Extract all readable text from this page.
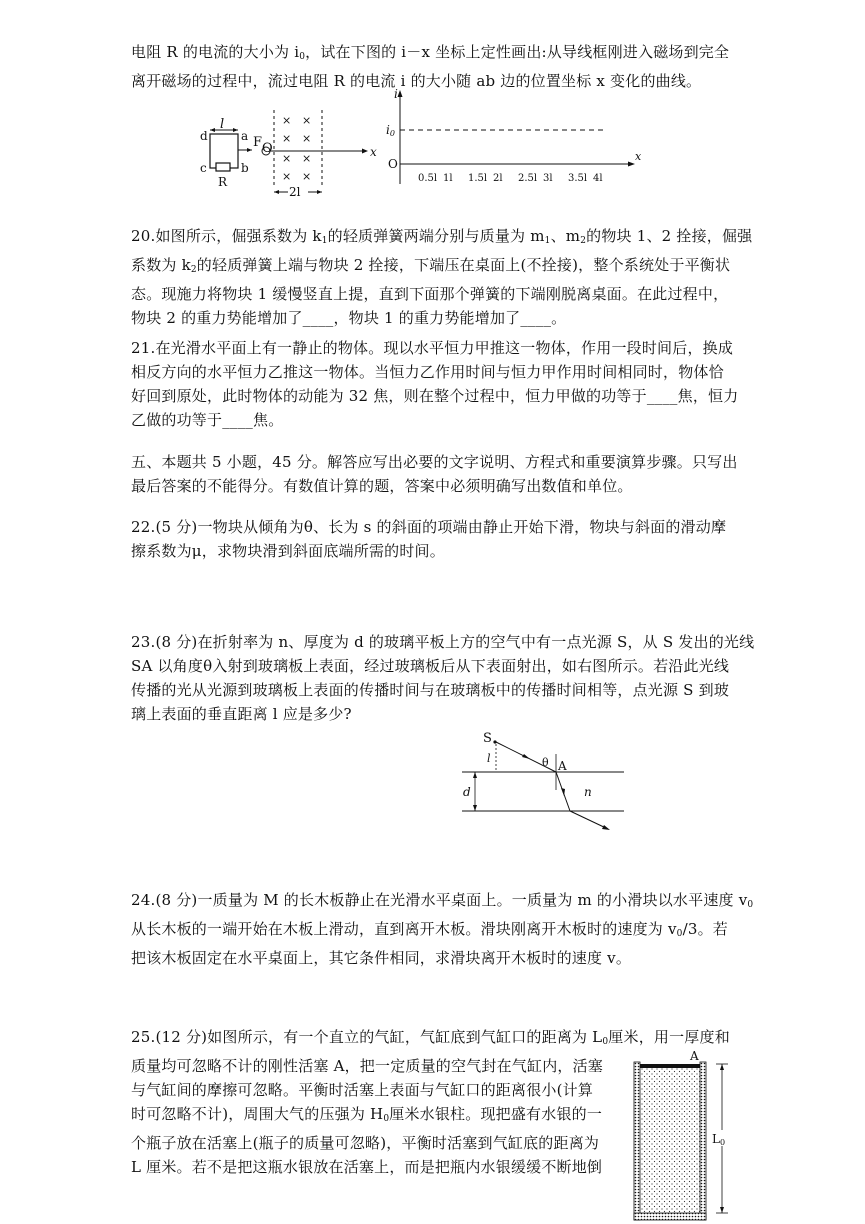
电阻 R 的电流的大小为 $i_0$，试在下图的 i－x 坐标上定性画出:从导线框刚进入磁场到完全
离开磁场的过程中，流过电阻 R 的电流 i 的大小随 ab 边的位置坐标 x 变化的曲线。

l
d	a
c	b
R
F
x
× ×
× ×
× ×
× ×
2l
O
i
i0
O
x
0.5l 1l 1.5l 2l 2.5l 3l 3.5l 4l

20.如图所示，倔强系数为 $k_1$的轻质弹簧两端分别与质量为 $m_1$、$m_2$的物块 1、2 拴接，倔强
系数为 $k_2$的轻质弹簧上端与物块 2 拴接，下端压在桌面上(不拴接)，整个系统处于平衡状
态。现施力将物块 1 缓慢竖直上提，直到下面那个弹簧的下端刚脱离桌面。在此过程中，
物块 2 的重力势能增加了____，物块 1 的重力势能增加了____。

21.在光滑水平面上有一静止的物体。现以水平恒力甲推这一物体，作用一段时间后，换成
相反方向的水平恒力乙推这一物体。当恒力乙作用时间与恒力甲作用时间相同时，物体恰
好回到原处，此时物体的动能为 32 焦，则在整个过程中，恒力甲做的功等于____焦，恒力
乙做的功等于____焦。

五、本题共 5 小题，45 分。解答应写出必要的文字说明、方程式和重要演算步骤。只写出
最后答案的不能得分。有数值计算的题，答案中必须明确写出数值和单位。

22.(5 分)一物块从倾角为θ、长为 s 的斜面的项端由静止开始下滑，物块与斜面的滑动摩
擦系数为μ，求物块滑到斜面底端所需的时间。

23.(8 分)在折射率为 n、厚度为 d 的玻璃平板上方的空气中有一点光源 S，从 S 发出的光线
SA 以角度θ入射到玻璃板上表面，经过玻璃板后从下表面射出，如右图所示。若沿此光线
传播的光从光源到玻璃板上表面的传播时间与在玻璃板中的传播时间相等，点光源 S 到玻
璃上表面的垂直距离 l 应是多少?

S
l	θ A
d	n

24.(8 分)一质量为 M 的长木板静止在光滑水平桌面上。一质量为 m 的小滑块以水平速度 $v_0$
从长木板的一端开始在木板上滑动，直到离开木板。滑块刚离开木板时的速度为 $v_0/3$。若
把该木板固定在水平桌面上，其它条件相同，求滑块离开木板时的速度 v。

25.(12 分)如图所示，有一个直立的气缸，气缸底到气缸口的距离为 $L_0$厘米，用一厚度和
质量均可忽略不计的刚性活塞 A，把一定质量的空气封在气缸内，活塞
与气缸间的摩擦可忽略。平衡时活塞上表面与气缸口的距离很小(计算
时可忽略不计)，周围大气的压强为 $H_0$厘米水银柱。现把盛有水银的一
个瓶子放在活塞上(瓶子的质量可忽略)，平衡时活塞到气缸底的距离为
L 厘米。若不是把这瓶水银放在活塞上，而是把瓶内水银缓缓不断地倒

A
L0
